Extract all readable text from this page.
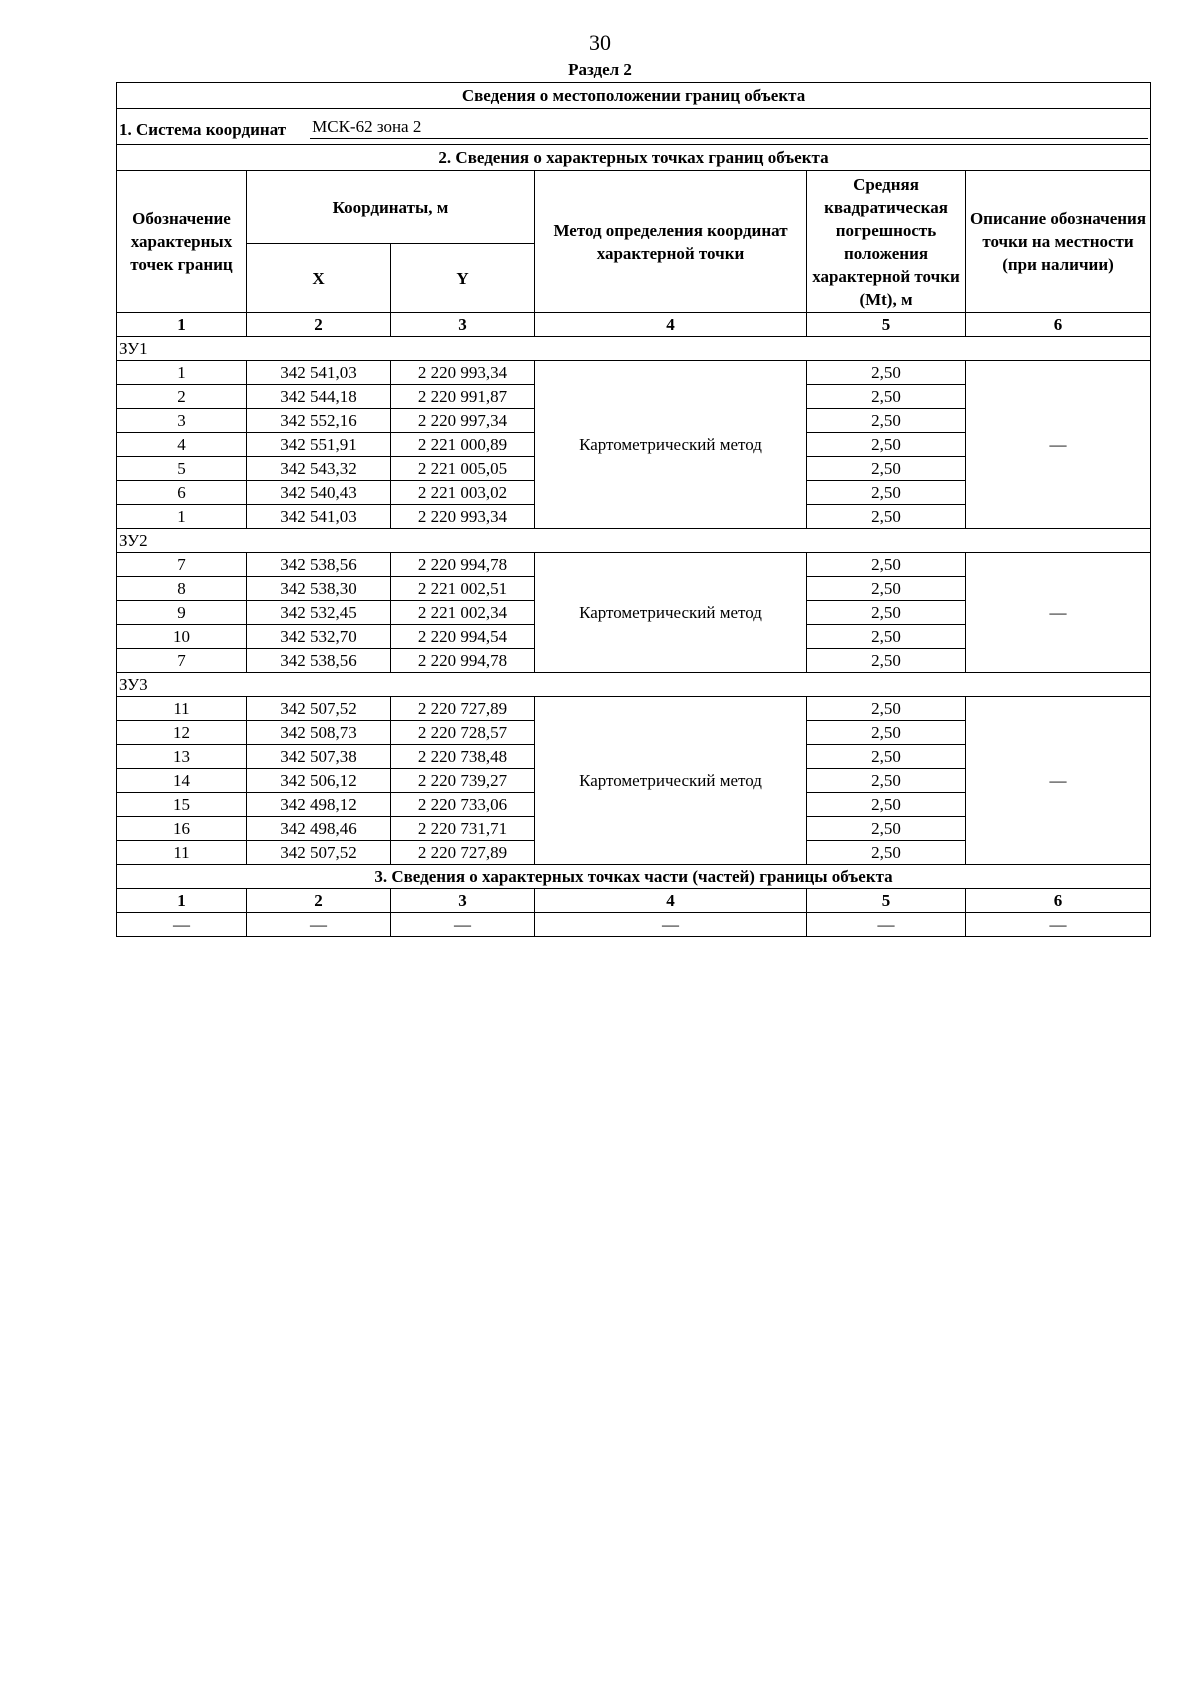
30
Раздел 2
Сведения о местоположении границ объекта					

1. Система координат МСК-62 зона 2					

2. Сведения о характерных точках границ объекта					
Обозначение характерных точек границ	Координаты, м		Метод определения координат характерной точки	Средняя квадратическая погрешность положения характерной точки (Mt), м	Описание обозначения точки на местности (при наличии)
	X	Y			
1	2	3	4	5	6
ЗУ1					
1	342 541,03	2 220 993,34	Картометрический метод	2,50	—
2	342 544,18	2 220 991,87		2,50	
3	342 552,16	2 220 997,34		2,50	
4	342 551,91	2 221 000,89		2,50	
5	342 543,32	2 221 005,05		2,50	
6	342 540,43	2 221 003,02		2,50	
1	342 541,03	2 220 993,34		2,50	
ЗУ2					
7	342 538,56	2 220 994,78	Картометрический метод	2,50	—
8	342 538,30	2 221 002,51		2,50	
9	342 532,45	2 221 002,34		2,50	
10	342 532,70	2 220 994,54		2,50	
7	342 538,56	2 220 994,78		2,50	
ЗУ3					
11	342 507,52	2 220 727,89	Картометрический метод	2,50	—
12	342 508,73	2 220 728,57		2,50	
13	342 507,38	2 220 738,48		2,50	
14	342 506,12	2 220 739,27		2,50	
15	342 498,12	2 220 733,06		2,50	
16	342 498,46	2 220 731,71		2,50	
11	342 507,52	2 220 727,89		2,50	
3. Сведения о характерных точках части (частей) границы объекта					
1	2	3	4	5	6
—	—	—	—	—	—
